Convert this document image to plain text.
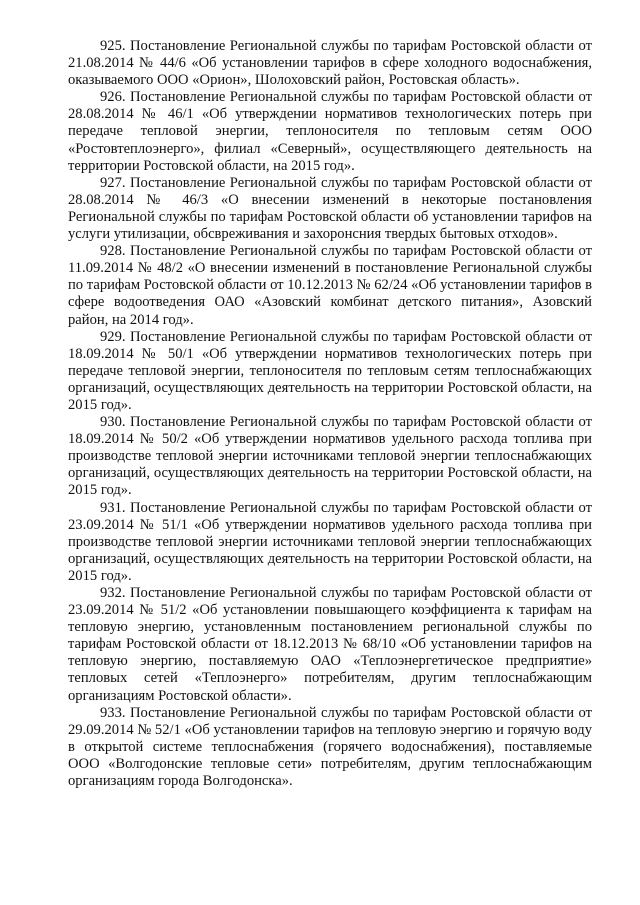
925. Постановление Региональной службы по тарифам Ростовской области от 21.08.2014 № 44/6 «Об установлении тарифов в сфере холодного водоснабжения, оказываемого ООО «Орион», Шолоховский район, Ростовская область».

926. Постановление Региональной службы по тарифам Ростовской области от 28.08.2014 № 46/1 «Об утверждении нормативов технологических потерь при передаче тепловой энергии, теплоносителя по тепловым сетям ООО «Ростовтеплоэнерго», филиал «Северный», осуществляющего деятельность на территории Ростовской области, на 2015 год».

927. Постановление Региональной службы по тарифам Ростовской области от 28.08.2014 № 46/3 «О внесении изменений в некоторые постановления Региональной службы по тарифам Ростовской области об установлении тарифов на услуги утилизации, обсвреживания и захоронсния твердых бытовых отходов».

928. Постановление Региональной службы по тарифам Ростовской области от 11.09.2014 № 48/2 «О внесении изменений в постановление Региональной службы по тарифам Ростовской области от 10.12.2013 № 62/24 «Об установлении тарифов в сфере водоотведения ОАО «Азовский комбинат детского питания», Азовский район, на 2014 год».

929. Постановление Региональной службы по тарифам Ростовской области от 18.09.2014 № 50/1 «Об утверждении нормативов технологических потерь при передаче тепловой энергии, теплоносителя по тепловым сетям теплоснабжающих организаций, осуществляющих деятельность на территории Ростовской области, на 2015 год».

930. Постановление Региональной службы по тарифам Ростовской области от 18.09.2014 № 50/2 «Об утверждении нормативов удельного расхода топлива при производстве тепловой энергии источниками тепловой энергии теплоснабжающих организаций, осуществляющих деятельность на территории Ростовской области, на 2015 год».

931. Постановление Региональной службы по тарифам Ростовской области от 23.09.2014 № 51/1 «Об утверждении нормативов удельного расхода топлива при производстве тепловой энергии источниками тепловой энергии теплоснабжающих организаций, осуществляющих деятельность на территории Ростовской области, на 2015 год».

932. Постановление Региональной службы по тарифам Ростовской области от 23.09.2014 № 51/2 «Об установлении повышающего коэффициента к тарифам на тепловую энергию, установленным постановлением региональной службы по тарифам Ростовской области от 18.12.2013 № 68/10 «Об установлении тарифов на тепловую энергию, поставляемую ОАО «Теплоэнергетическое предприятие» тепловых сетей «Теплоэнерго» потребителям, другим теплоснабжающим организациям Ростовской области».

933. Постановление Региональной службы по тарифам Ростовской области от 29.09.2014 № 52/1 «Об установлении тарифов на тепловую энергию и горячую воду в открытой системе теплоснабжения (горячего водоснабжения), поставляемые ООО «Волгодонские тепловые сети» потребителям, другим теплоснабжающим организациям города Волгодонска».
